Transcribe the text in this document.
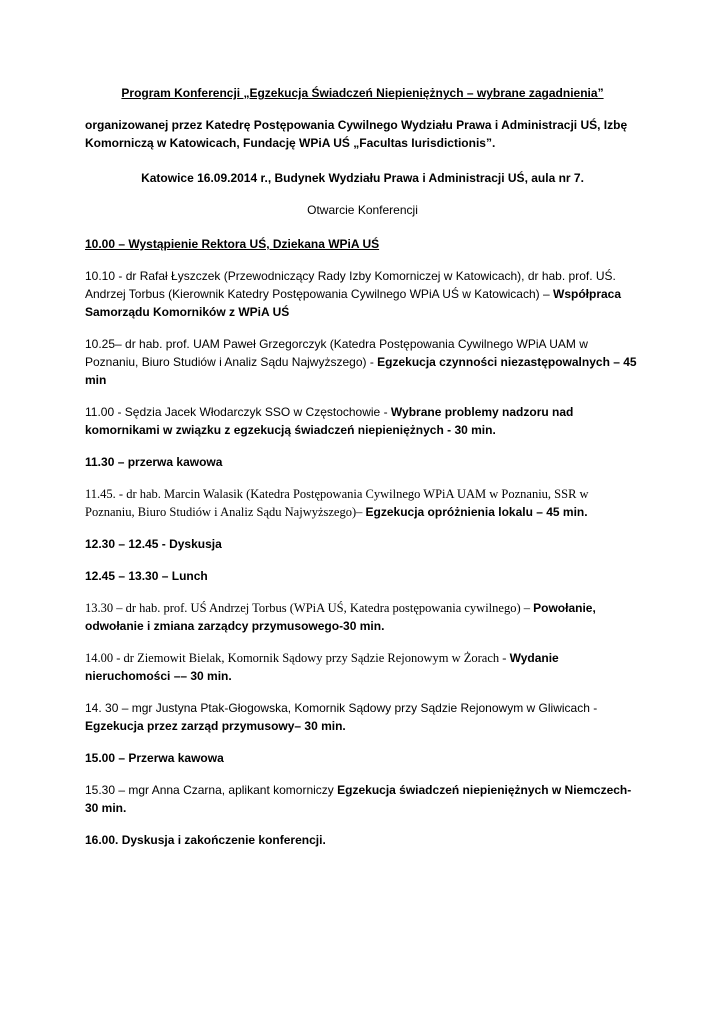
Program Konferencji „Egzekucja Świadczeń Niepieniężnych – wybrane zagadnienia”

organizowanej przez Katedrę Postępowania Cywilnego Wydziału Prawa i Administracji UŚ, Izbę Komorniczą w Katowicach, Fundację WPiA UŚ „Facultas Iurisdictionis”.

Katowice 16.09.2014 r., Budynek Wydziału Prawa i Administracji UŚ, aula nr 7.

Otwarcie Konferencji

10.00 – Wystąpienie Rektora UŚ, Dziekana WPiA UŚ

10.10 - dr Rafał Łyszczek (Przewodniczący Rady Izby Komorniczej w Katowicach), dr hab. prof. UŚ. Andrzej Torbus (Kierownik Katedry Postępowania Cywilnego WPiA UŚ w Katowicach) – Współpraca Samorządu Komorników z WPiA UŚ

10.25– dr hab. prof. UAM Paweł Grzegorczyk (Katedra Postępowania Cywilnego WPiA UAM w Poznaniu, Biuro Studiów i Analiz Sądu Najwyższego) - Egzekucja czynności niezastępowalnych – 45 min

11.00 - Sędzia Jacek Włodarczyk SSO w Częstochowie - Wybrane problemy nadzoru nad komornikami w związku z egzekucją świadczeń niepieniężnych - 30 min.

11.30 – przerwa kawowa

11.45. - dr hab. Marcin Walasik (Katedra Postępowania Cywilnego WPiA UAM w Poznaniu, SSR w Poznaniu, Biuro Studiów i Analiz Sądu Najwyższego)– Egzekucja opróżnienia lokalu – 45 min.

12.30 – 12.45 - Dyskusja

12.45 – 13.30 – Lunch

13.30 – dr hab. prof. UŚ Andrzej Torbus (WPiA UŚ, Katedra postępowania cywilnego) – Powołanie, odwołanie i zmiana zarządcy przymusowego-30 min.

14.00 - dr Ziemowit Bielak, Komornik Sądowy przy Sądzie Rejonowym w Żorach - Wydanie nieruchomości –– 30 min.

14. 30 – mgr Justyna Ptak-Głogowska, Komornik Sądowy przy Sądzie Rejonowym w Gliwicach - Egzekucja przez zarząd przymusowy– 30 min.

15.00 – Przerwa kawowa

15.30 – mgr Anna Czarna, aplikant komorniczy Egzekucja świadczeń niepieniężnych w Niemczech-30 min.

16.00. Dyskusja i zakończenie konferencji.
